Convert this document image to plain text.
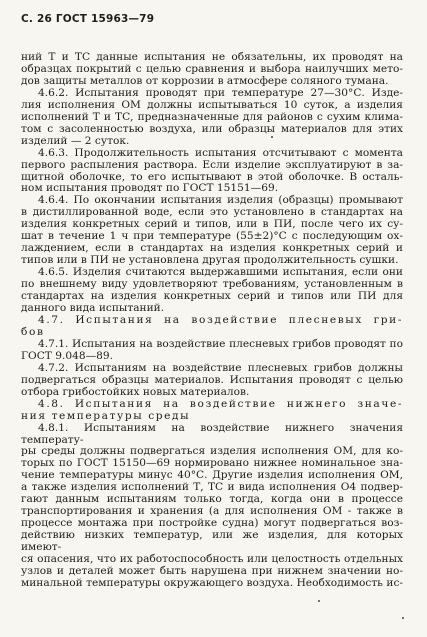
С. 26 ГОСТ 15963—79

ний Т и ТС данные испытания не обязательны, их проводят на

образцах покрытий с целью сравнения и выбора наилучших мето-

дов защиты металлов от коррозии в атмосфере соляного тумана.

4.6.2. Испытания проводят при температуре 27—30°С. Изде-

лия исполнения ОМ должны испытываться 10 суток, а изделия

исполнений Т и ТС, предназначенные для районов с сухим клима-

том с засоленностью воздуха, или образцы материалов для этих

изделий — 2 суток.

4.6.3. Продолжительность испытания отсчитывают с момента

первого распыления раствора. Если изделие эксплуатируют в за-

щитной оболочке, то его испытывают в этой оболочке. В осталь-

ном испытания проводят по ГОСТ 15151—69.

4.6.4. По окончании испытания изделия (образцы) промывают

в дистиллированной воде, если это установлено в стандартах на

изделия конкретных серий и типов, или в ПИ, после чего их су-

шат в течение 1 ч при температуре (55±2)°С с последующим ох-

лаждением, если в стандартах на изделия конкретных серий и

типов или в ПИ не установлена другая продолжительность сушки.

4.6.5. Изделия считаются выдержавшими испытания, если они

по внешнему виду удовлетворяют требованиям, установленным в

стандартах на изделия конкретных серий и типов или ПИ для

данного вида испытаний.

4.7. Испытания на воздействие плесневых гри-

бов

4.7.1. Испытания на воздействие плесневых грибов проводят по

ГОСТ 9.048—89.

4.7.2. Испытаниям на воздействие плесневых грибов должны

подвергаться образцы материалов. Испытания проводят с целью

отбора грибостойких новых материалов.

4.8. Испытания на воздействие нижнего значе-

ния температуры среды

4.8.1. Испытаниям на воздействие нижнего значения температу-

ры среды должны подвергаться изделия исполнения ОМ, для ко-

торых по ГОСТ 15150—69 нормировано нижнее номинальное зна-

чение температуры минус 40°С. Другие изделия исполнения ОМ,

а также изделия исполнений Т, ТС и вида исполнения О4 подвер-

гают данным испытаниям только тогда, когда они в процессе

транспортирования и хранения (а для исполнения ОМ - также в

процессе монтажа при постройке судна) могут подвергаться воз-

действию низких температур, или же изделия, для которых имеют-

ся опасения, что их работоспособность или целостность отдельных

узлов и деталей может быть нарушена при нижнем значении но-

минальной температуры окружающего воздуха. Необходимость ис-
